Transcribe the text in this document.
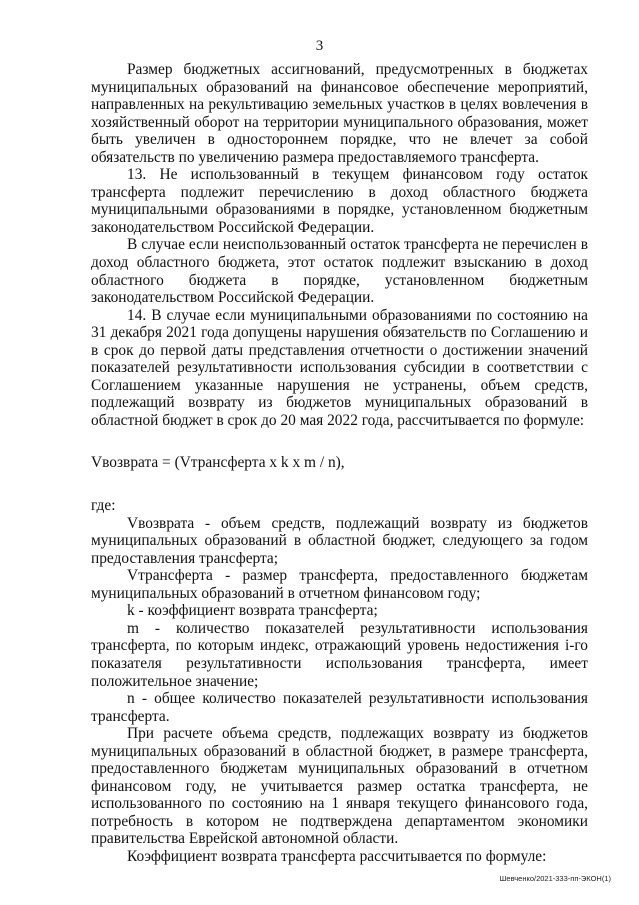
3

Размер бюджетных ассигнований, предусмотренных в бюджетах муниципальных образований на финансовое обеспечение мероприятий, направленных на рекультивацию земельных участков в целях вовлечения в хозяйственный оборот на территории муниципального образования, может быть увеличен в одностороннем порядке, что не влечет за собой обязательств по увеличению размера предоставляемого трансферта.

13. Не использованный в текущем финансовом году остаток трансферта подлежит перечислению в доход областного бюджета муниципальными образованиями в порядке, установленном бюджетным законодательством Российской Федерации.

В случае если неиспользованный остаток трансферта не перечислен в доход областного бюджета, этот остаток подлежит взысканию в доход областного бюджета в порядке, установленном бюджетным законодательством Российской Федерации.

14. В случае если муниципальными образованиями по состоянию на 31 декабря 2021 года допущены нарушения обязательств по Соглашению и в срок до первой даты представления отчетности о достижении значений показателей результативности использования субсидии в соответствии с Соглашением указанные нарушения не устранены, объем средств, подлежащий возврату из бюджетов муниципальных образований в областной бюджет в срок до 20 мая 2022 года, рассчитывается по формуле:

Vвозврата = (Vтрансферта x k x m / n),

где:

Vвозврата - объем средств, подлежащий возврату из бюджетов муниципальных образований в областной бюджет, следующего за годом предоставления трансферта;

Vтрансферта - размер трансферта, предоставленного бюджетам муниципальных образований в отчетном финансовом году;

k - коэффициент возврата трансферта;

m - количество показателей результативности использования трансферта, по которым индекс, отражающий уровень недостижения i-го показателя результативности использования трансферта, имеет положительное значение;

n - общее количество показателей результативности использования трансферта.

При расчете объема средств, подлежащих возврату из бюджетов муниципальных образований в областной бюджет, в размере трансферта, предоставленного бюджетам муниципальных образований в отчетном финансовом году, не учитывается размер остатка трансферта, не использованного по состоянию на 1 января текущего финансового года, потребность в котором не подтверждена департаментом экономики правительства Еврейской автономной области.

Коэффициент возврата трансферта рассчитывается по формуле:

Шевченко/2021-333-пп-ЭКОН(1)
